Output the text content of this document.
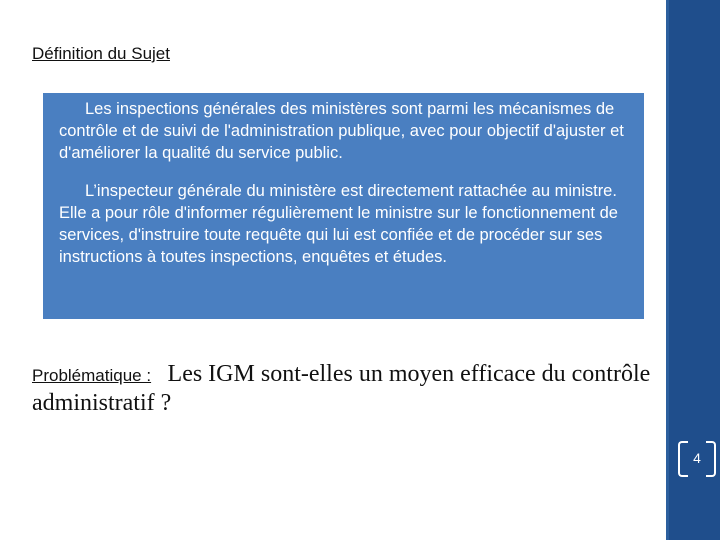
Définition du Sujet

Les inspections générales des ministères sont parmi les mécanismes de contrôle et de suivi de l'administration publique, avec pour objectif d'ajuster et d'améliorer la qualité du service public.

L’inspecteur générale du ministère est directement rattachée au ministre. Elle a pour rôle d'informer régulièrement le ministre sur le fonctionnement de services, d'instruire toute requête qui lui est confiée et de procéder sur ses instructions à toutes inspections, enquêtes et études.

Problématique : Les IGM sont-elles un moyen efficace du contrôle administratif ?
4
